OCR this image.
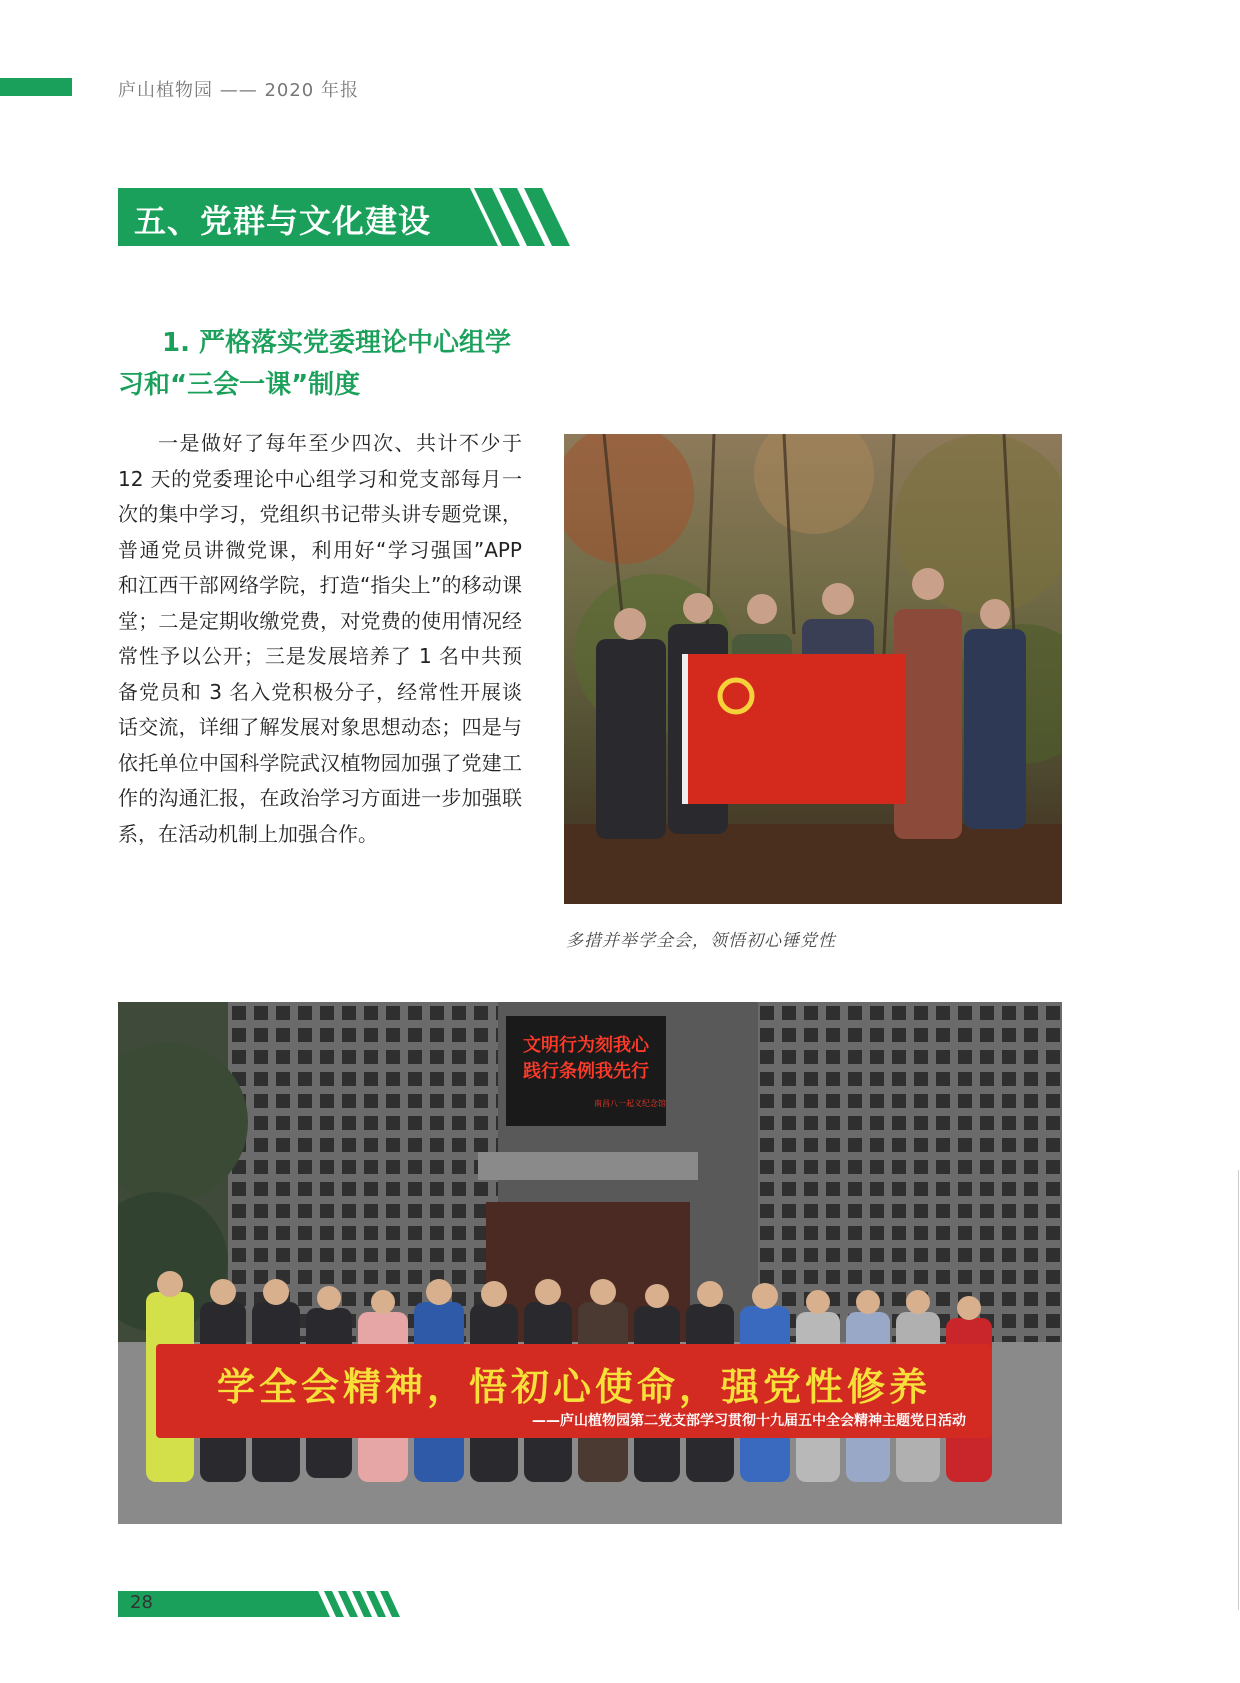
庐山植物园 —— 2020 年报
五、党群与文化建设
1. 严格落实党委理论中心组学习和“三会一课”制度
一是做好了每年至少四次、共计不少于 12 天的党委理论中心组学习和党支部每月一次的集中学习，党组织书记带头讲专题党课，普通党员讲微党课，利用好“学习强国”APP 和江西干部网络学院，打造“指尖上”的移动课堂；二是定期收缴党费，对党费的使用情况经常性予以公开；三是发展培养了 1 名中共预备党员和 3 名入党积极分子，经常性开展谈话交流，详细了解发展对象思想动态；四是与依托单位中国科学院武汉植物园加强了党建工作的沟通汇报，在政治学习方面进一步加强联系，在活动机制上加强合作。
多措并举学全会，领悟初心锤党性
文明行为刻我心
践行条例我先行
南昌八一起义纪念馆
学全会精神，悟初心使命，强党性修养
——庐山植物园第二党支部学习贯彻十九届五中全会精神主题党日活动
28
